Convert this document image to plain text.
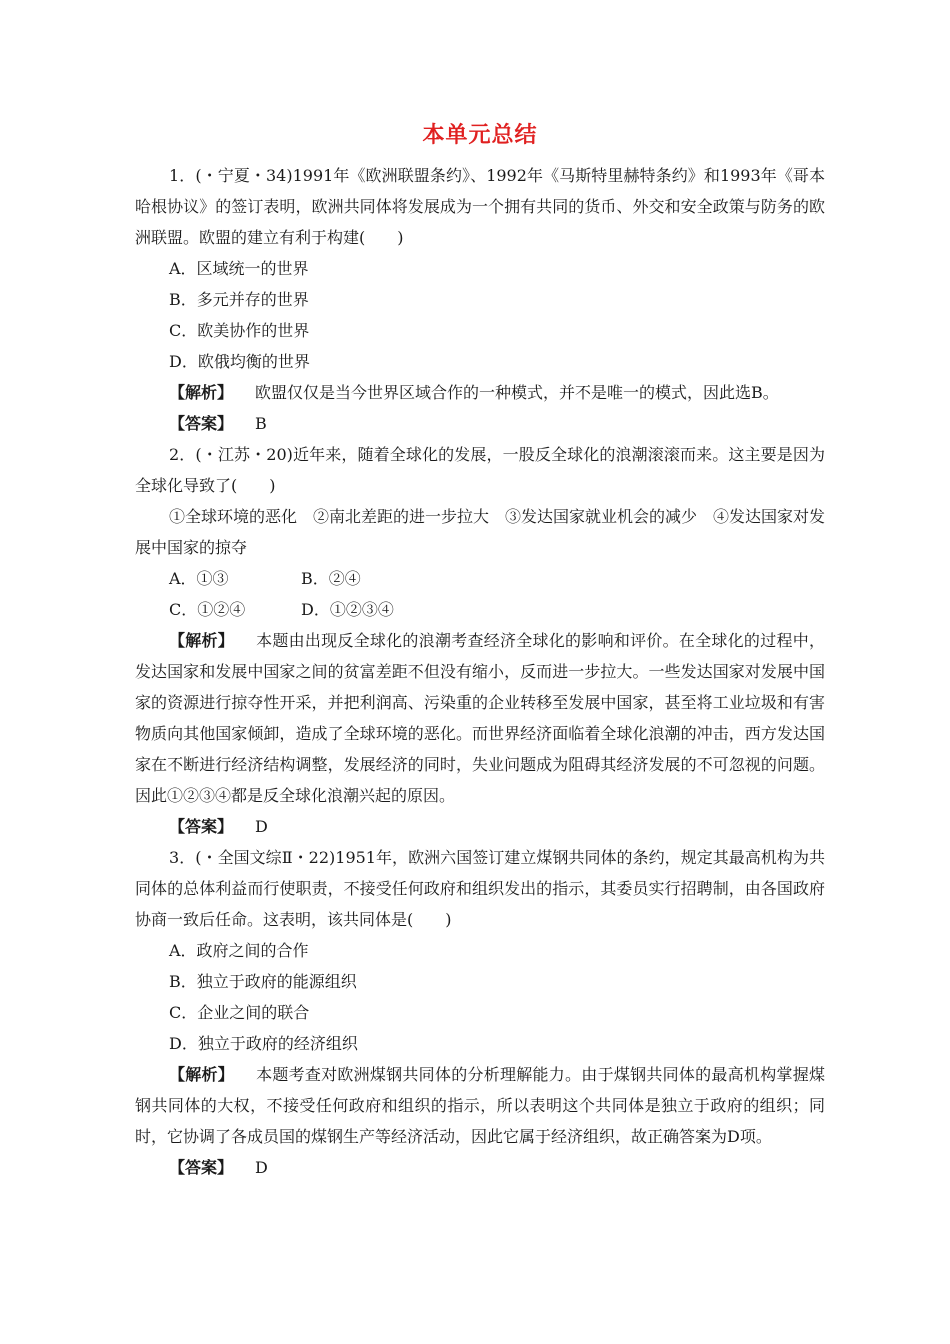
本单元总结

1．(・宁夏・34)1991年《欧洲联盟条约》、1992年《马斯特里赫特条约》和1993年《哥本哈根协议》的签订表明，欧洲共同体将发展成为一个拥有共同的货币、外交和安全政策与防务的欧洲联盟。欧盟的建立有利于构建(　　)

A．区域统一的世界

B．多元并存的世界

C．欧美协作的世界

D．欧俄均衡的世界

【解析】 欧盟仅仅是当今世界区域合作的一种模式，并不是唯一的模式，因此选B。

【答案】 B

2．(・江苏・20)近年来，随着全球化的发展，一股反全球化的浪潮滚滚而来。这主要是因为全球化导致了(　　)

①全球环境的恶化　②南北差距的进一步拉大　③发达国家就业机会的减少　④发达国家对发展中国家的掠夺

A．①③	B．②④
C．①②④	D．①②③④

【解析】 本题由出现反全球化的浪潮考查经济全球化的影响和评价。在全球化的过程中，发达国家和发展中国家之间的贫富差距不但没有缩小，反而进一步拉大。一些发达国家对发展中国家的资源进行掠夺性开采，并把利润高、污染重的企业转移至发展中国家，甚至将工业垃圾和有害物质向其他国家倾卸，造成了全球环境的恶化。而世界经济面临着全球化浪潮的冲击，西方发达国家在不断进行经济结构调整，发展经济的同时，失业问题成为阻碍其经济发展的不可忽视的问题。因此①②③④都是反全球化浪潮兴起的原因。

【答案】 D

3．(・全国文综Ⅱ・22)1951年，欧洲六国签订建立煤钢共同体的条约，规定其最高机构为共同体的总体利益而行使职责，不接受任何政府和组织发出的指示，其委员实行招聘制，由各国政府协商一致后任命。这表明，该共同体是(　　)

A．政府之间的合作

B．独立于政府的能源组织

C．企业之间的联合

D．独立于政府的经济组织

【解析】 本题考查对欧洲煤钢共同体的分析理解能力。由于煤钢共同体的最高机构掌握煤钢共同体的大权，不接受任何政府和组织的指示，所以表明这个共同体是独立于政府的组织；同时，它协调了各成员国的煤钢生产等经济活动，因此它属于经济组织，故正确答案为D项。

【答案】 D
